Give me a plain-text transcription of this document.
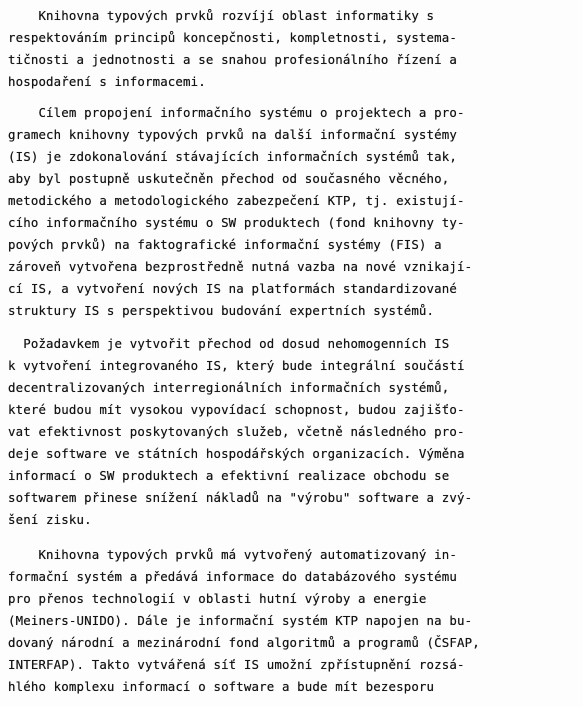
Knihovna typových prvků rozvíjí oblast informatiky s
respektováním principů koncepčnosti, kompletnosti, systema-
tičnosti a jednotnosti a se snahou profesionálního řízení a
hospodaření s informacemi.
Cílem propojení informačního systému o projektech a pro-
gramech knihovny typových prvků na další informační systémy
(IS) je zdokonalování stávajících informačních systémů tak,
aby byl postupně uskutečněn přechod od současného věcného,
metodického a metodologického zabezpečení KTP, tj. existují-
cího informačního systému o SW produktech (fond knihovny ty-
pových prvků) na faktografické informační systémy (FIS) a
zároveň vytvořena bezprostředně nutná vazba na nové vznikají-
cí IS, a vytvoření nových IS na platformách standardizované
struktury IS s perspektivou budování expertních systémů.
Požadavkem je vytvořit přechod od dosud nehomogenních IS
k vytvoření integrovaného IS, který bude integrální součástí
decentralizovaných interregionálních informačních systémů,
které budou mít vysokou vypovídací schopnost, budou zajišťo-
vat efektivnost poskytovaných služeb, včetně následného pro-
deje software ve státních hospodářských organizacích. Výměna
informací o SW produktech a efektivní realizace obchodu se
softwarem přinese snížení nákladů na "výrobu" software a zvý-
šení zisku.
Knihovna typových prvků má vytvořený automatizovaný in-
formační systém a předává informace do databázového systému
pro přenos technologií v oblasti hutní výroby a energie
(Meiners-UNIDO). Dále je informační systém KTP napojen na bu-
dovaný národní a mezinárodní fond algoritmů a programů (ČSFAP,
INTERFAP). Takto vytvářená síť IS umožní zpřístupnění rozsá-
hlého komplexu informací o software a bude mít bezesporu
